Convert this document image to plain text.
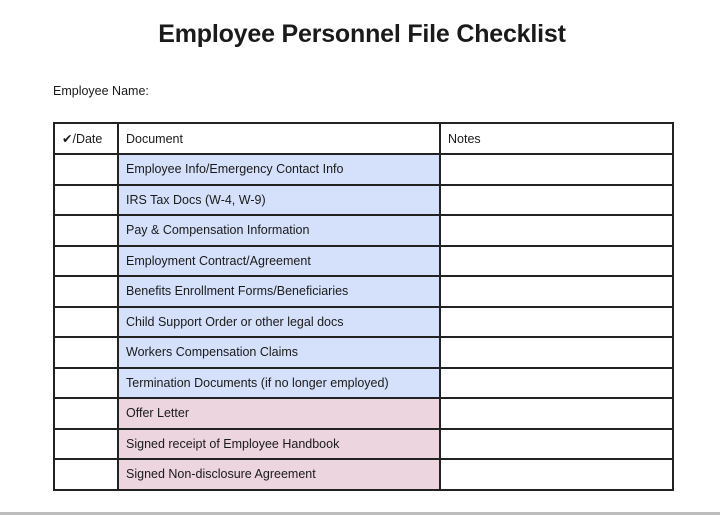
Employee Personnel File Checklist
Employee Name:
✔/Date	Document	Notes
	Employee Info/Emergency Contact Info	
	IRS Tax Docs (W-4, W-9)	
	Pay & Compensation Information	
	Employment Contract/Agreement	
	Benefits Enrollment Forms/Beneficiaries	
	Child Support Order or other legal docs	
	Workers Compensation Claims	
	Termination Documents (if no longer employed)	
	Offer Letter	
	Signed receipt of Employee Handbook	
	Signed Non-disclosure Agreement	
